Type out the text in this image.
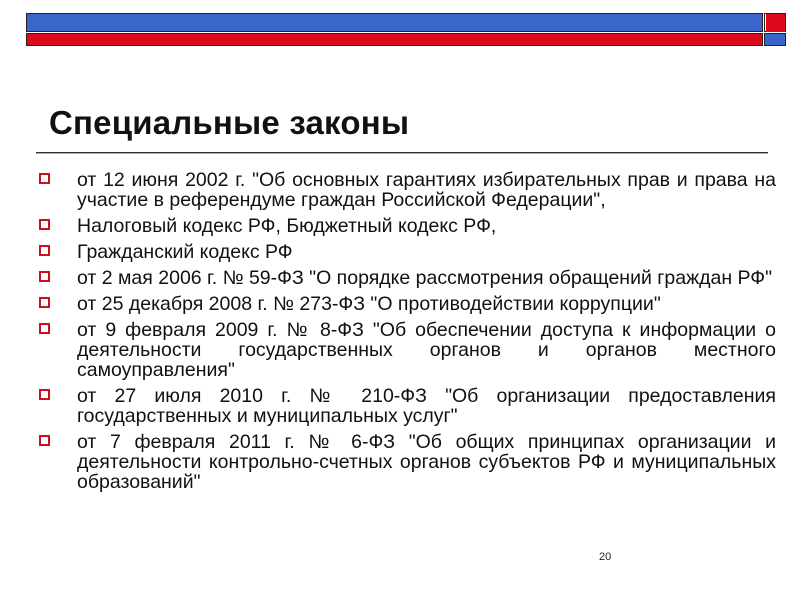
Специальные законы
от 12 июня 2002 г. "Об основных гарантиях избирательных прав и права на участие в референдуме граждан Российской Федерации",
Налоговый кодекс РФ, Бюджетный кодекс РФ,
Гражданский кодекс РФ
от 2 мая 2006 г. № 59-ФЗ "О порядке рассмотрения обращений граждан РФ"
от 25 декабря 2008 г. № 273-ФЗ "О противодействии коррупции"
от 9 февраля 2009 г. № 8-ФЗ "Об обеспечении доступа к информации о деятельности государственных органов и органов местного самоуправления"
от 27 июля 2010 г. № 210-ФЗ "Об организации предоставления государственных и муниципальных услуг"
от 7 февраля 2011 г. № 6-ФЗ "Об общих принципах организации и деятельности контрольно-счетных органов субъектов РФ и муниципальных образований"
20
